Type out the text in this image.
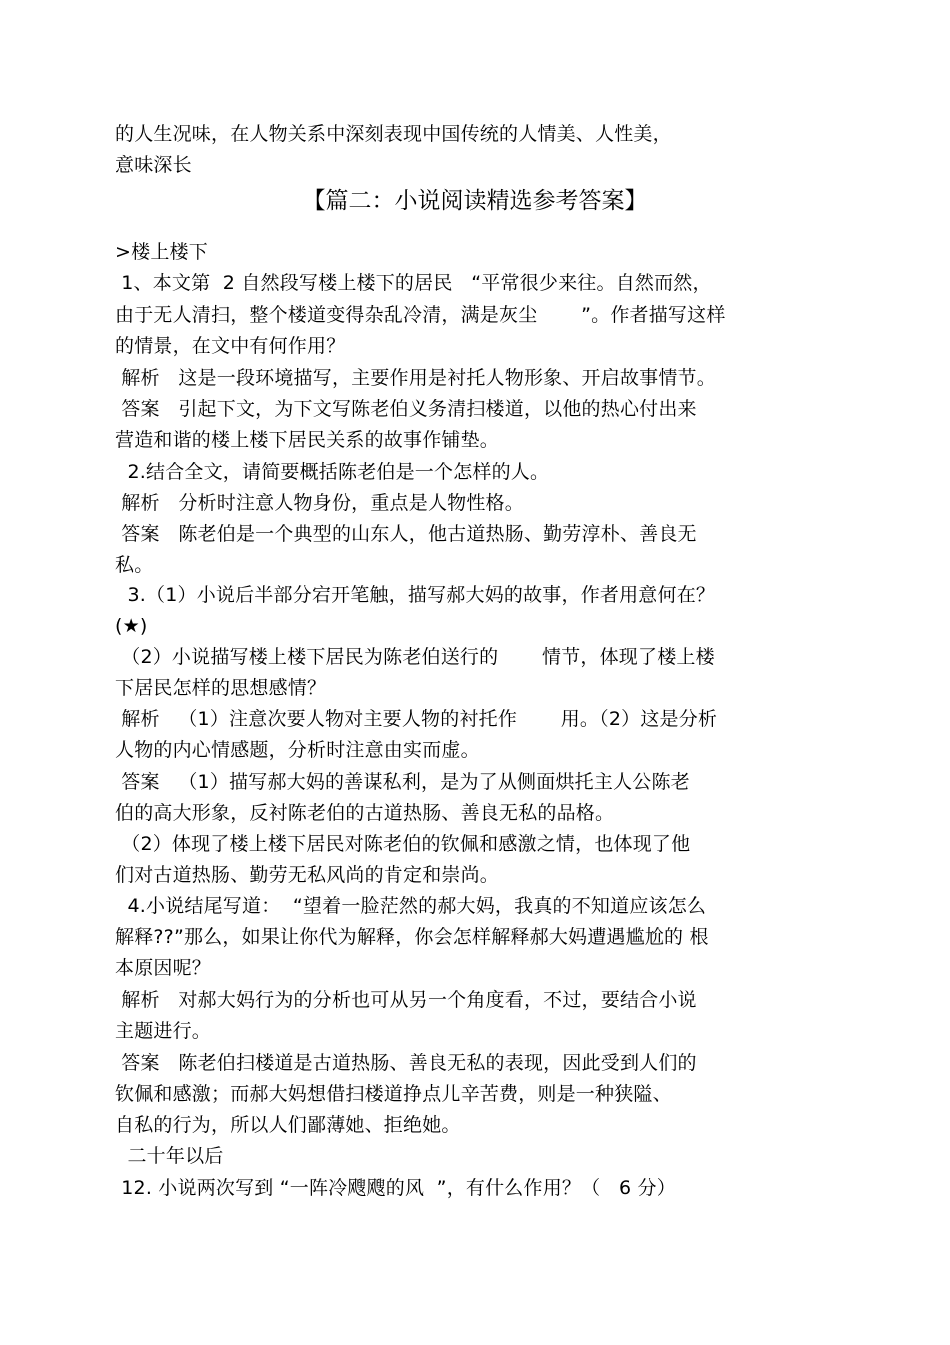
的人生况味，在人物关系中深刻表现中国传统的人情美、人性美，
意味深长
【篇二：小说阅读精选参考答案】
>楼上楼下
1、本文第  2 自然段写楼上楼下的居民   “平常很少来往。自然而然，
由于无人清扫，整个楼道变得杂乱冷清，满是灰尘       ”。作者描写这样
的情景，在文中有何作用？
解析   这是一段环境描写，主要作用是衬托人物形象、开启故事情节。
答案   引起下文，为下文写陈老伯义务清扫楼道，以他的热心付出来
营造和谐的楼上楼下居民关系的故事作铺垫。
2.结合全文，请简要概括陈老伯是一个怎样的人。
解析   分析时注意人物身份，重点是人物性格。
答案   陈老伯是一个典型的山东人，他古道热肠、勤劳淳朴、善良无
私。
3.（1）小说后半部分宕开笔触，描写郝大妈的故事，作者用意何在？
(★)
（2）小说描写楼上楼下居民为陈老伯送行的       情节，体现了楼上楼
下居民怎样的思想感情？
解析   （1）注意次要人物对主要人物的衬托作       用。（2）这是分析
人物的内心情感题，分析时注意由实而虚。
答案   （1）描写郝大妈的善谋私利，是为了从侧面烘托主人公陈老
伯的高大形象，反衬陈老伯的古道热肠、善良无私的品格。
（2）体现了楼上楼下居民对陈老伯的钦佩和感激之情，也体现了他
们对古道热肠、勤劳无私风尚的肯定和崇尚。
4.小说结尾写道：  “望着一脸茫然的郝大妈，我真的不知道应该怎么
解释??”那么，如果让你代为解释，你会怎样解释郝大妈遭遇尴尬的 根
本原因呢？
解析   对郝大妈行为的分析也可从另一个角度看，不过，要结合小说
主题进行。
答案   陈老伯扫楼道是古道热肠、善良无私的表现，因此受到人们的
钦佩和感激；而郝大妈想借扫楼道挣点儿辛苦费，则是一种狭隘、
自私的行为，所以人们鄙薄她、拒绝她。
二十年以后
12. 小说两次写到 “一阵冷飕飕的风  ”，有什么作用？（   6 分）
